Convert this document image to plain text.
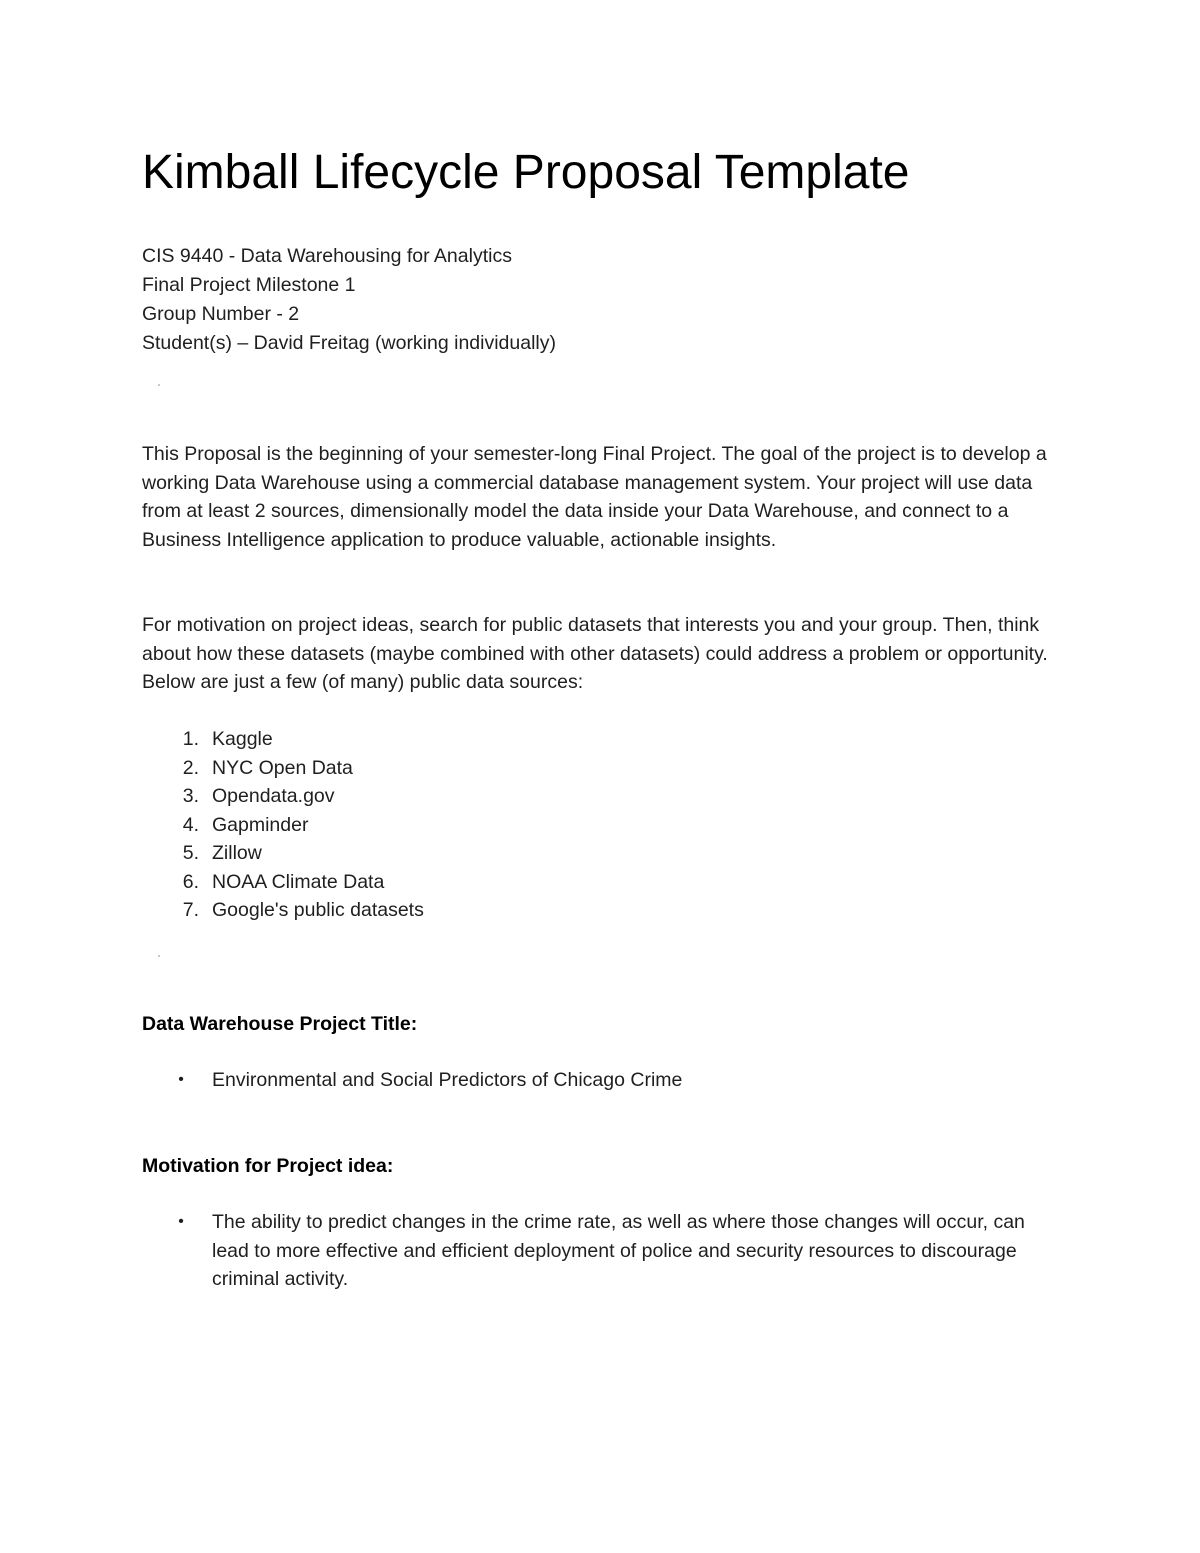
Kimball Lifecycle Proposal Template
CIS 9440 - Data Warehousing for Analytics
Final Project Milestone 1
Group Number - 2
Student(s) – David Freitag (working individually)

This Proposal is the beginning of your semester-long Final Project. The goal of the project is to develop a working Data Warehouse using a commercial database management system. Your project will use data from at least 2 sources, dimensionally model the data inside your Data Warehouse, and connect to a Business Intelligence application to produce valuable, actionable insights.

For motivation on project ideas, search for public datasets that interests you and your group. Then, think about how these datasets (maybe combined with other datasets) could address a problem or opportunity. Below are just a few (of many) public data sources:

1. Kaggle
2. NYC Open Data
3. Opendata.gov
4. Gapminder
5. Zillow
6. NOAA Climate Data
7. Google's public datasets
Data Warehouse Project Title:
• Environmental and Social Predictors of Chicago Crime
Motivation for Project idea:
• The ability to predict changes in the crime rate, as well as where those changes will occur, can lead to more effective and efficient deployment of police and security resources to discourage criminal activity.
